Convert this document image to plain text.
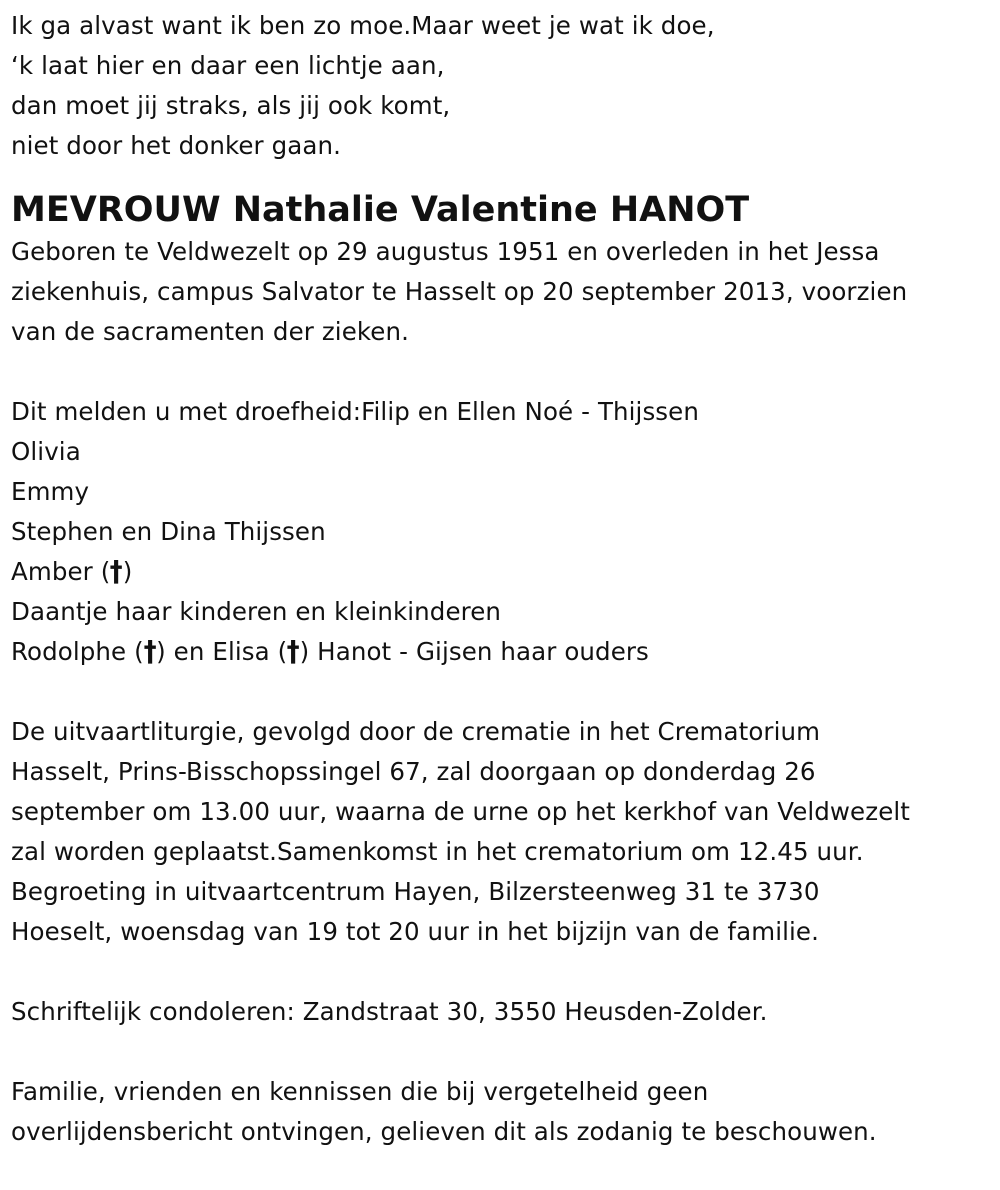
Ik ga alvast want ik ben zo moe.Maar weet je wat ik doe,
‘k laat hier en daar een lichtje aan,
dan moet jij straks, als jij ook komt,
niet door het donker gaan.
MEVROUW Nathalie Valentine HANOT
Geboren te Veldwezelt op 29 augustus 1951 en overleden in het Jessa
ziekenhuis, campus Salvator te Hasselt op 20 september 2013, voorzien
van de sacramenten der zieken.
Dit melden u met droefheid:Filip en Ellen Noé - Thijssen
Olivia
Emmy
Stephen en Dina Thijssen
Amber (†)
Daantje haar kinderen en kleinkinderen
Rodolphe (†) en Elisa (†) Hanot - Gijsen haar ouders
De uitvaartliturgie, gevolgd door de crematie in het Crematorium
Hasselt, Prins-Bisschopssingel 67, zal doorgaan op donderdag 26
september om 13.00 uur, waarna de urne op het kerkhof van Veldwezelt
zal worden geplaatst.Samenkomst in het crematorium om 12.45 uur.
Begroeting in uitvaartcentrum Hayen, Bilzersteenweg 31 te 3730
Hoeselt, woensdag van 19 tot 20 uur in het bijzijn van de familie.
Schriftelijk condoleren: Zandstraat 30, 3550 Heusden-Zolder.
Familie, vrienden en kennissen die bij vergetelheid geen
overlijdensbericht ontvingen, gelieven dit als zodanig te beschouwen.
